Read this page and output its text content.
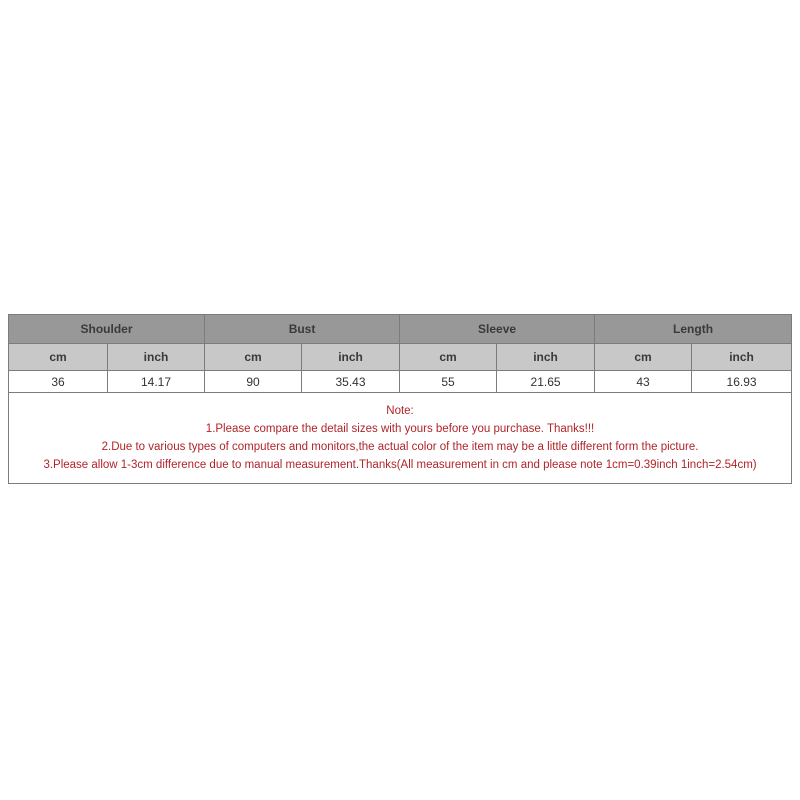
Shoulder		Bust		Sleeve		Length	
cm	inch	cm	inch	cm	inch	cm	inch
36	14.17	90	35.43	55	21.65	43	16.93

Note:
1.Please compare the detail sizes with yours before you purchase. Thanks!!!
2.Due to various types of computers and monitors,the actual color of the item may be a little different form the picture.
3.Please allow 1-3cm difference due to manual measurement.Thanks(All measurement in cm and please note 1cm=0.39inch 1inch=2.54cm)							
